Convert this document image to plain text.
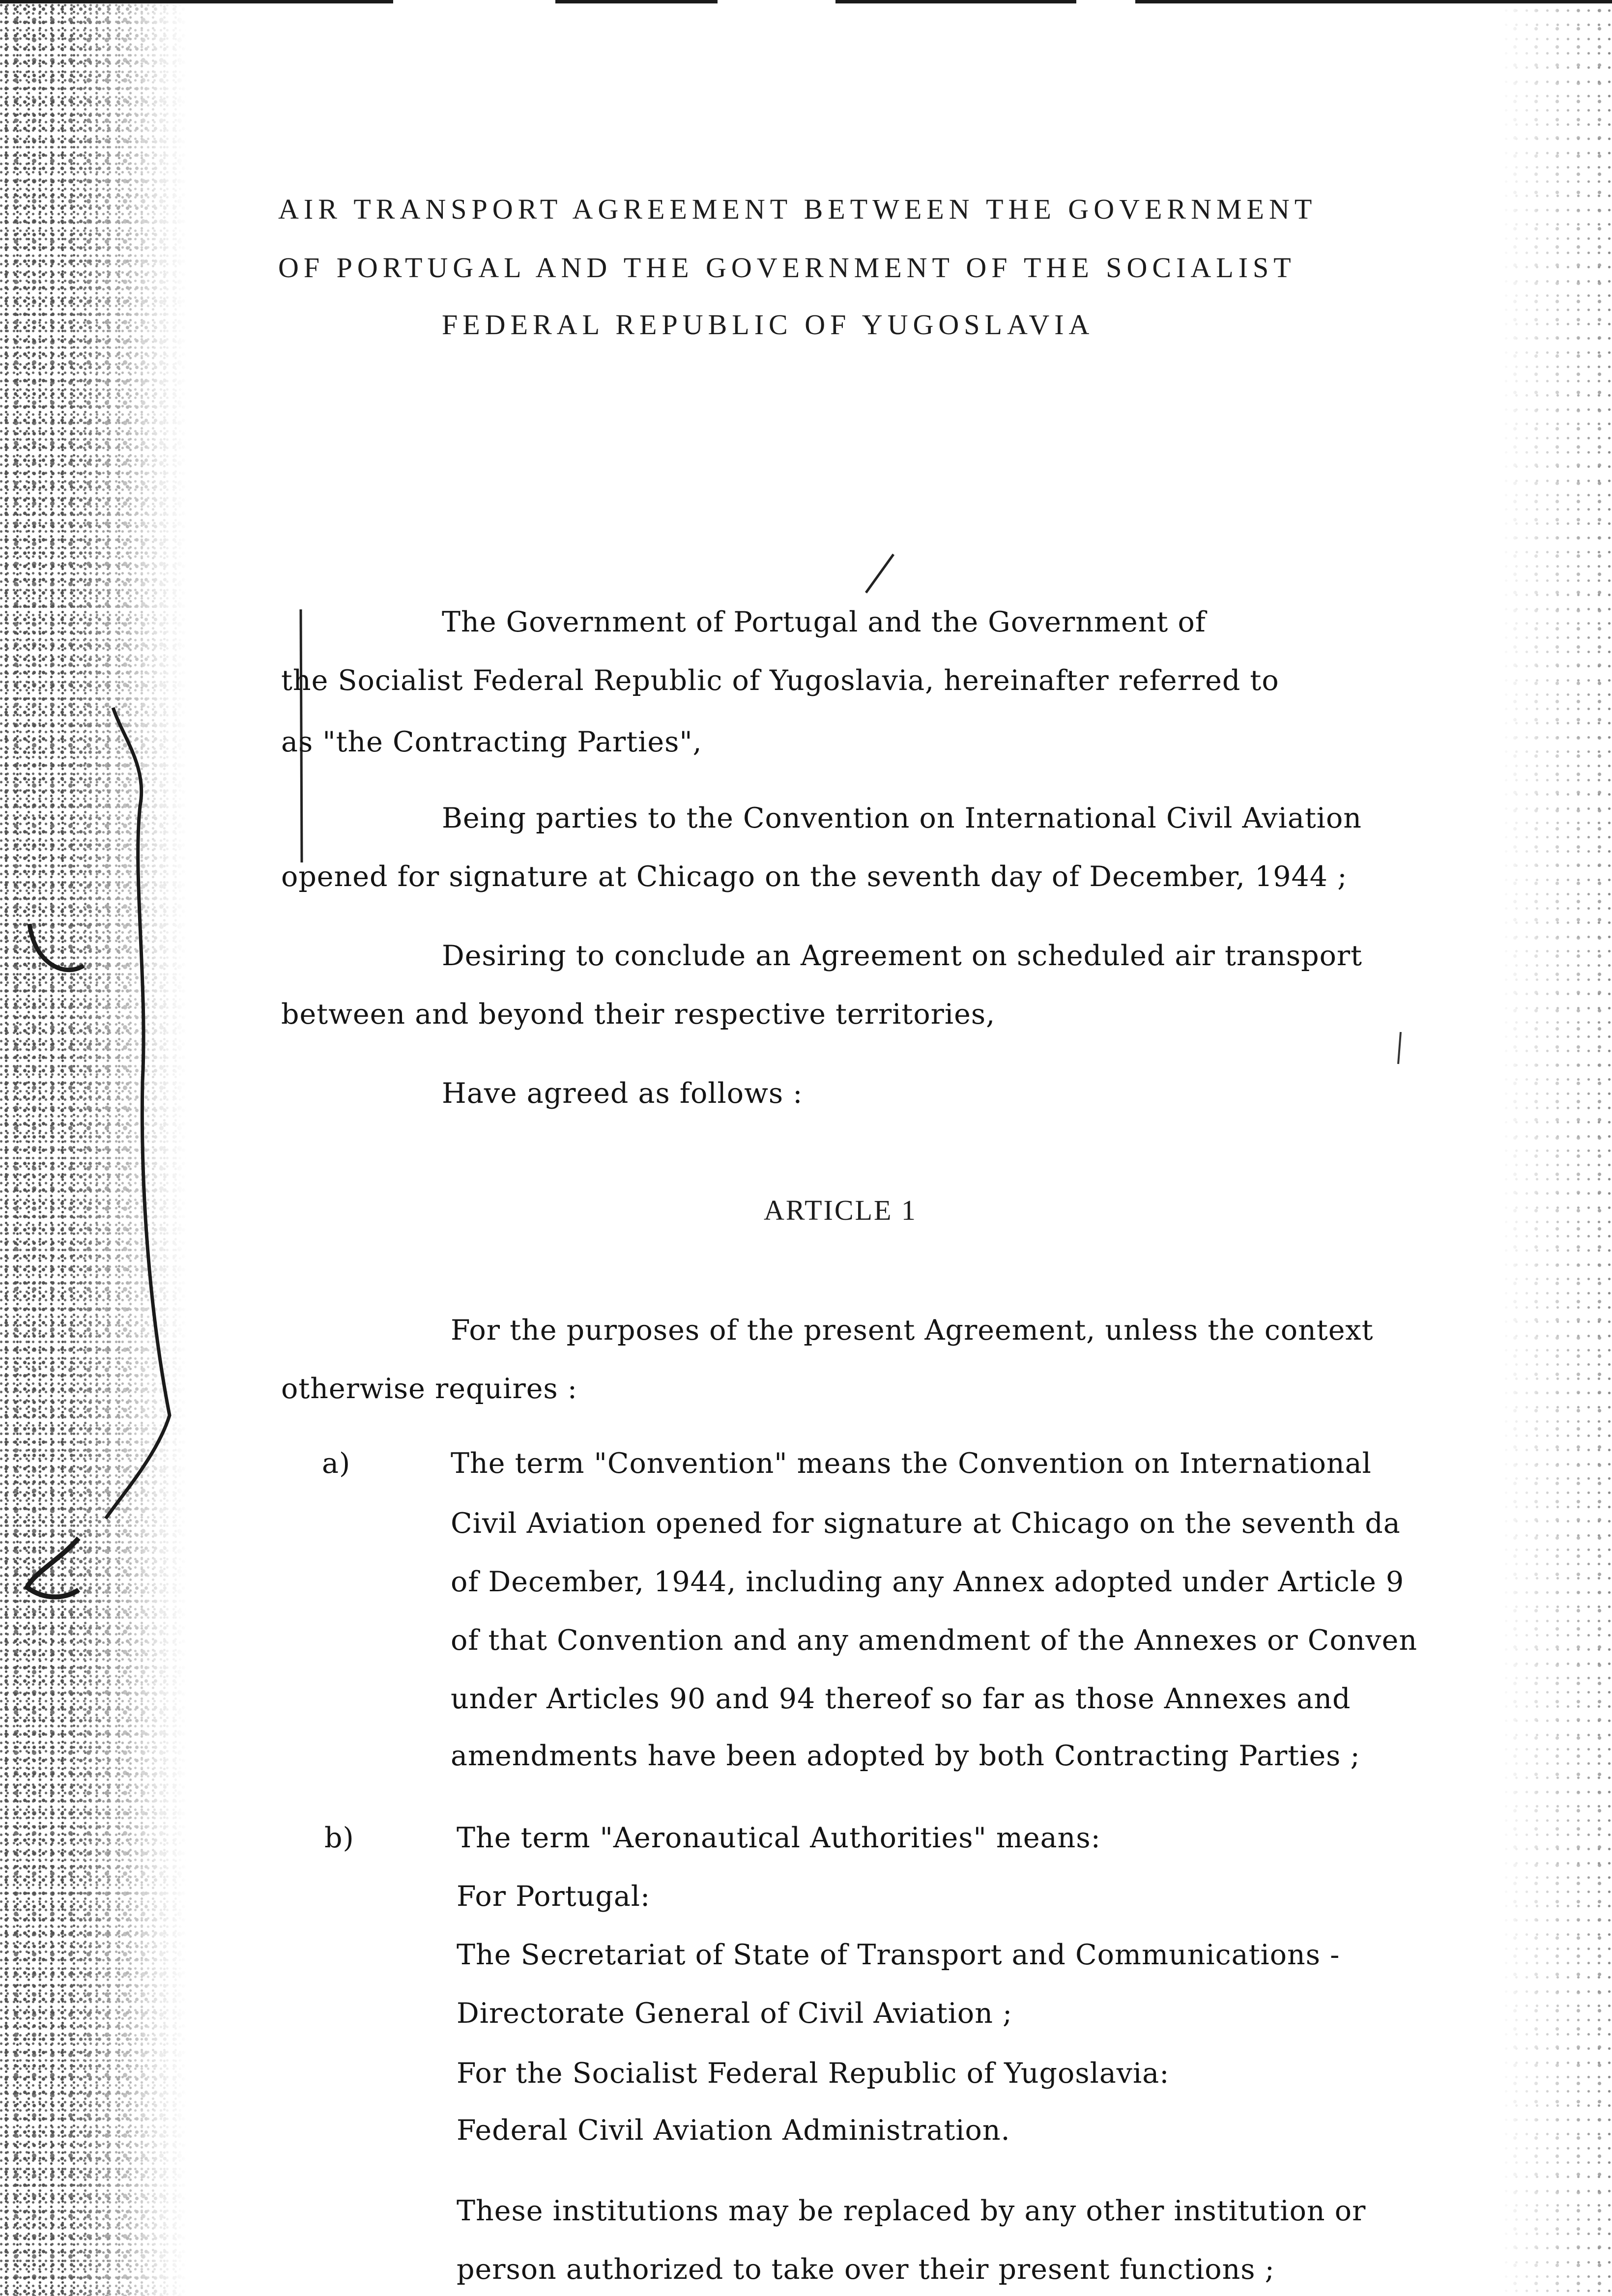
AIR TRANSPORT AGREEMENT BETWEEN THE GOVERNMENT
OF PORTUGAL AND THE GOVERNMENT OF THE SOCIALIST
FEDERAL REPUBLIC OF YUGOSLAVIA
The Government of Portugal and the Government of
the Socialist Federal Republic of Yugoslavia, hereinafter referred to
as "the Contracting Parties",
Being parties to the Convention on International Civil Aviation
opened for signature at Chicago on the seventh day of December, 1944 ;
Desiring to conclude an Agreement on scheduled air transport
between and beyond their respective territories,
Have agreed as follows :
ARTICLE 1
For the purposes of the present Agreement, unless the context
otherwise requires :
a)	The term "Convention" means the Convention on International
Civil Aviation opened for signature at Chicago on the seventh da
of December, 1944, including any Annex adopted under Article 9
of that Convention and any amendment of the Annexes or Conven
under Articles 90 and 94 thereof so far as those Annexes and
amendments have been adopted by both Contracting Parties ;
b)	The term "Aeronautical Authorities" means:
For Portugal:
The Secretariat of State of Transport and Communications -
Directorate General of Civil Aviation ;
For the Socialist Federal Republic of Yugoslavia:
Federal Civil Aviation Administration.
These institutions may be replaced by any other institution or
person authorized to take over their present functions ;
